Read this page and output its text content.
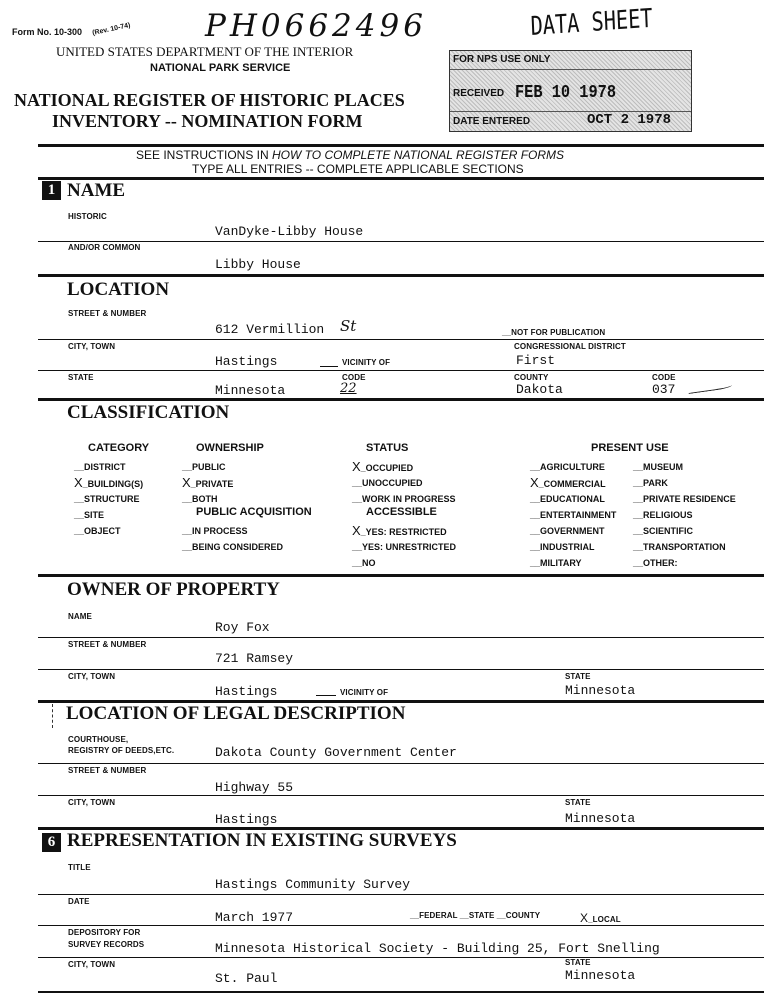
Form No. 10-300 (Rev. 10-74) PH0662496	DATA SHEET
UNITED STATES DEPARTMENT OF THE INTERIOR
NATIONAL PARK SERVICE
NATIONAL REGISTER OF HISTORIC PLACES
INVENTORY -- NOMINATION FORM
FOR NPS USE ONLY
RECEIVED FEB 10 1978
DATE ENTERED	OCT 2 1978
SEE INSTRUCTIONS IN HOW TO COMPLETE NATIONAL REGISTER FORMS
TYPE ALL ENTRIES -- COMPLETE APPLICABLE SECTIONS
1 NAME
HISTORIC
VanDyke-Libby House
AND/OR COMMON
Libby House
LOCATION
STREET & NUMBER
612 Vermillion St	__NOT FOR PUBLICATION
CITY, TOWN	CONGRESSIONAL DISTRICT
Hastings	VICINITY OF	First
STATE	CODE	COUNTY	CODE
Minnesota	22	Dakota	037
CLASSIFICATION
CATEGORY
__DISTRICT
X_BUILDING(S)
__STRUCTURE
__SITE
__OBJECT
OWNERSHIP
__PUBLIC
X_PRIVATE
__BOTH
PUBLIC ACQUISITION
__IN PROCESS
__BEING CONSIDERED
STATUS
X_OCCUPIED
__UNOCCUPIED
__WORK IN PROGRESS
ACCESSIBLE
X_YES: RESTRICTED
__YES: UNRESTRICTED
__NO
PRESENT USE
__AGRICULTURE
X_COMMERCIAL
__EDUCATIONAL
__ENTERTAINMENT
__GOVERNMENT
__INDUSTRIAL
__MILITARY
__MUSEUM
__PARK
__PRIVATE RESIDENCE
__RELIGIOUS
__SCIENTIFIC
__TRANSPORTATION
__OTHER:
OWNER OF PROPERTY
NAME
Roy Fox
STREET & NUMBER
721 Ramsey
CITY, TOWN	STATE
Hastings	VICINITY OF	Minnesota
LOCATION OF LEGAL DESCRIPTION
COURTHOUSE,
REGISTRY OF DEEDS,ETC.	Dakota County Government Center
STREET & NUMBER
Highway 55
CITY, TOWN	STATE
Hastings	Minnesota
6 REPRESENTATION IN EXISTING SURVEYS
TITLE
Hastings Community Survey
DATE
March 1977	__FEDERAL __STATE __COUNTY	X_LOCAL
DEPOSITORY FOR
SURVEY RECORDS	Minnesota Historical Society - Building 25, Fort Snelling
CITY, TOWN	STATE
St. Paul	Minnesota
